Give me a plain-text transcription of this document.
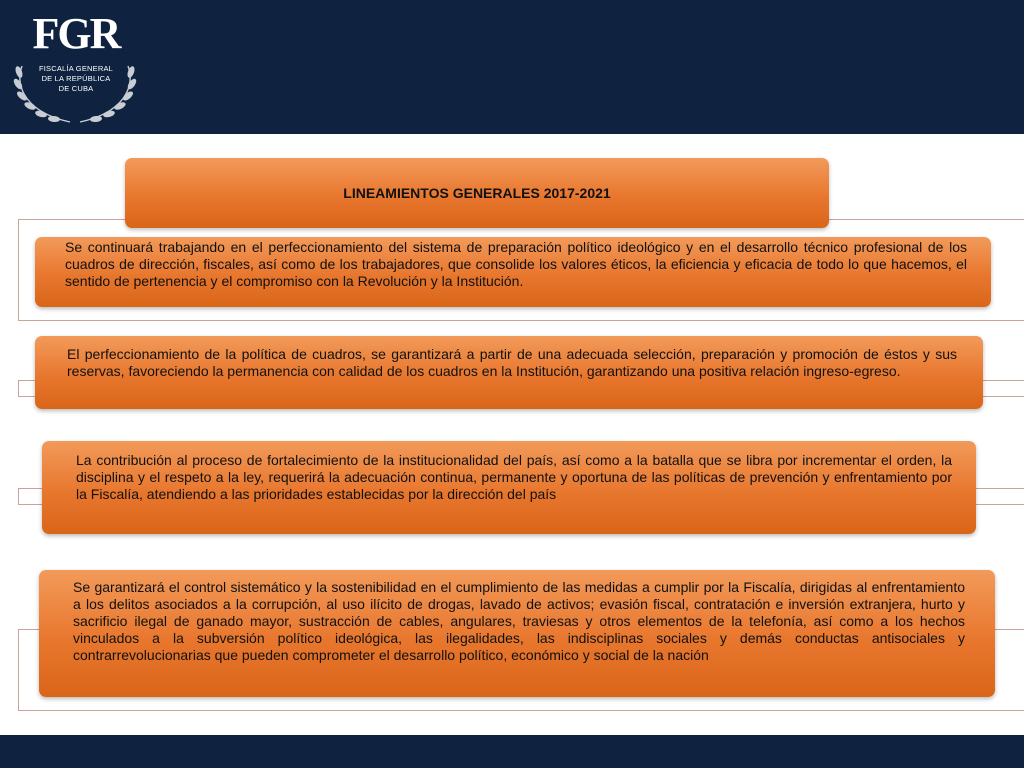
FGR
FISCALÍA GENERAL
DE LA REPÚBLICA
DE CUBA
LINEAMIENTOS GENERALES 2017-2021

Se continuará trabajando en el perfeccionamiento del sistema de preparación político ideológico y en el desarrollo técnico profesional de los cuadros de dirección, fiscales, así como de los trabajadores, que consolide los valores éticos, la eficiencia y eficacia de todo lo que hacemos, el sentido de pertenencia y el compromiso con la Revolución y la Institución.

El perfeccionamiento de la política de cuadros, se garantizará a partir de una adecuada selección, preparación y promoción de éstos y sus reservas, favoreciendo la permanencia con calidad de los cuadros en la Institución, garantizando una positiva relación ingreso-egreso.

La contribución al proceso de fortalecimiento de la institucionalidad del país, así como a la batalla que se libra por incrementar el orden, la disciplina y el respeto a la ley, requerirá la adecuación continua, permanente y oportuna de las políticas de prevención y enfrentamiento por la Fiscalía, atendiendo a las prioridades establecidas por la dirección del país

Se garantizará el control sistemático y la sostenibilidad en el cumplimiento de las medidas a cumplir por la Fiscalía, dirigidas al enfrentamiento a los delitos asociados a la corrupción, al uso ilícito de drogas, lavado de activos; evasión fiscal, contratación e inversión extranjera, hurto y sacrificio ilegal de ganado mayor, sustracción de cables, angulares, traviesas y otros elementos de la telefonía, así como a los hechos vinculados a la subversión político ideológica, las ilegalidades, las indisciplinas sociales y demás conductas antisociales y contrarrevolucionarias que pueden comprometer el desarrollo político, económico y social de la nación
